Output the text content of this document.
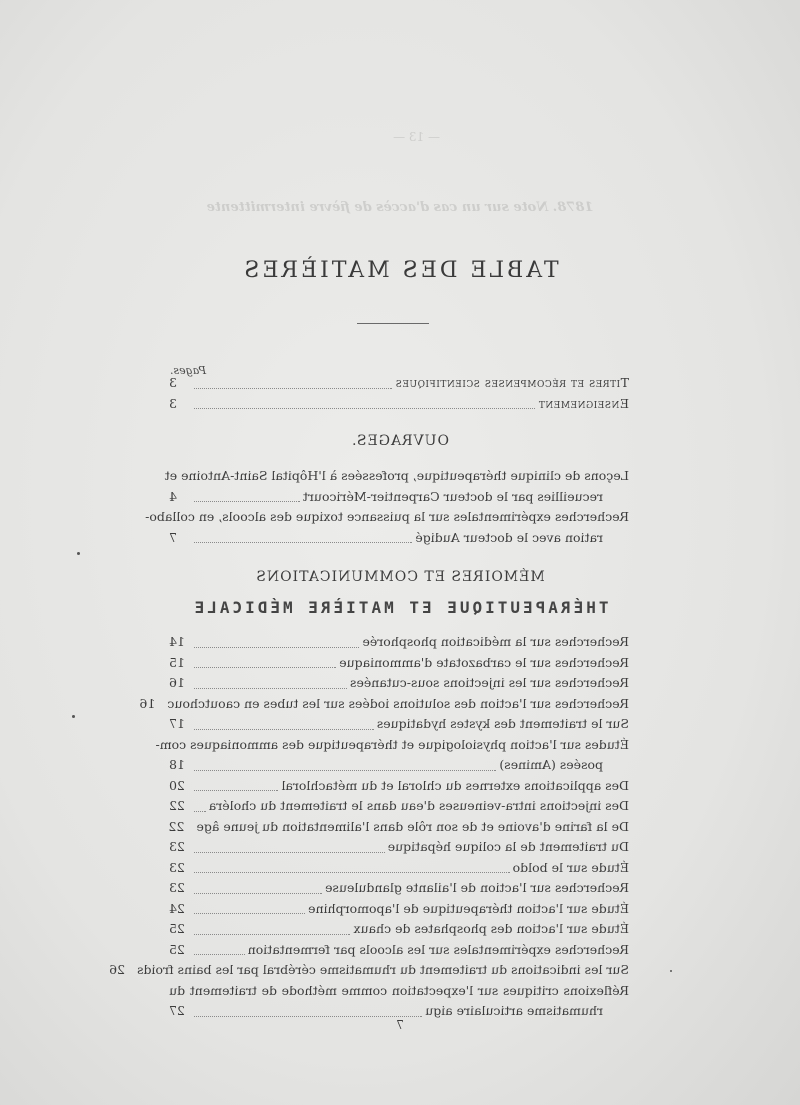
— 13 —
1878. Note sur un cas d'accès de fièvre intermittente
TABLE DES MATIÈRES
Pages.
Titres et récompenses scientifiques
3
Enseignement
3
OUVRAGES.
Leçons de clinique thérapeutique, professées à l'Hôpital Saint-Antoine et
recueillies par le docteur Carpentier-Méricourt
4
Recherches expérimentales sur la puissance toxique des alcools, en collabo-
ration avec le docteur Audigé
7
MÉMOIRES ET COMMUNICATIONS
THÉRAPEUTIQUE ET MATIÈRE MÉDICALE
Recherches sur la médication phosphorée
14
Recherches sur le carbazotate d'ammoniaque
15
Recherches sur les injections sous-cutanées
16
Recherches sur l'action des solutions iodées sur les tubes en caoutchouc
16
Sur le traitement des kystes hydatiques
17
Études sur l'action physiologique et thérapeutique des ammoniaques com-
posées (Amines)
18
Des applications externes du chloral et du métachloral
20
Des injections intra-veineuses d'eau dans le traitement du choléra
22
De la farine d'avoine et de son rôle dans l'alimentation du jeune âge
22
Du traitement de la colique hépatique
23
Étude sur le boldo
23
Recherches sur l'action de l'ailante glanduleuse
23
Étude sur l'action thérapeutique de l'apomorphine
24
Étude sur l'action des phosphates de chaux
25
Recherches expérimentales sur les alcools par fermentation
25
Sur les indications du traitement du rhumatisme cérébral par les bains froids
26
Réflexions critiques sur l'expectation comme méthode de traitement du
rhumatisme articulaire aigu
27
7
